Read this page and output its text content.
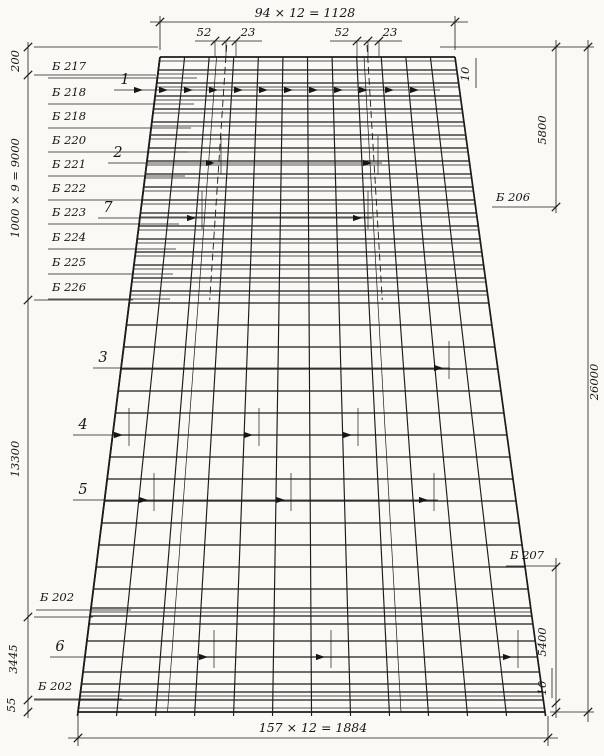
94 × 12 = 1128
52	23	52	23
157 × 12 = 1884
200
1000 × 9 = 9000
13300
3445
55
26000
5800
5400
10
10
Б 217
Б 218
Б 218
Б 220
Б 221
Б 222
Б 223
Б 224
Б 225
Б 226
Б 202
Б 202
Б 206
Б 207
1
2
7
3
4
5
6
